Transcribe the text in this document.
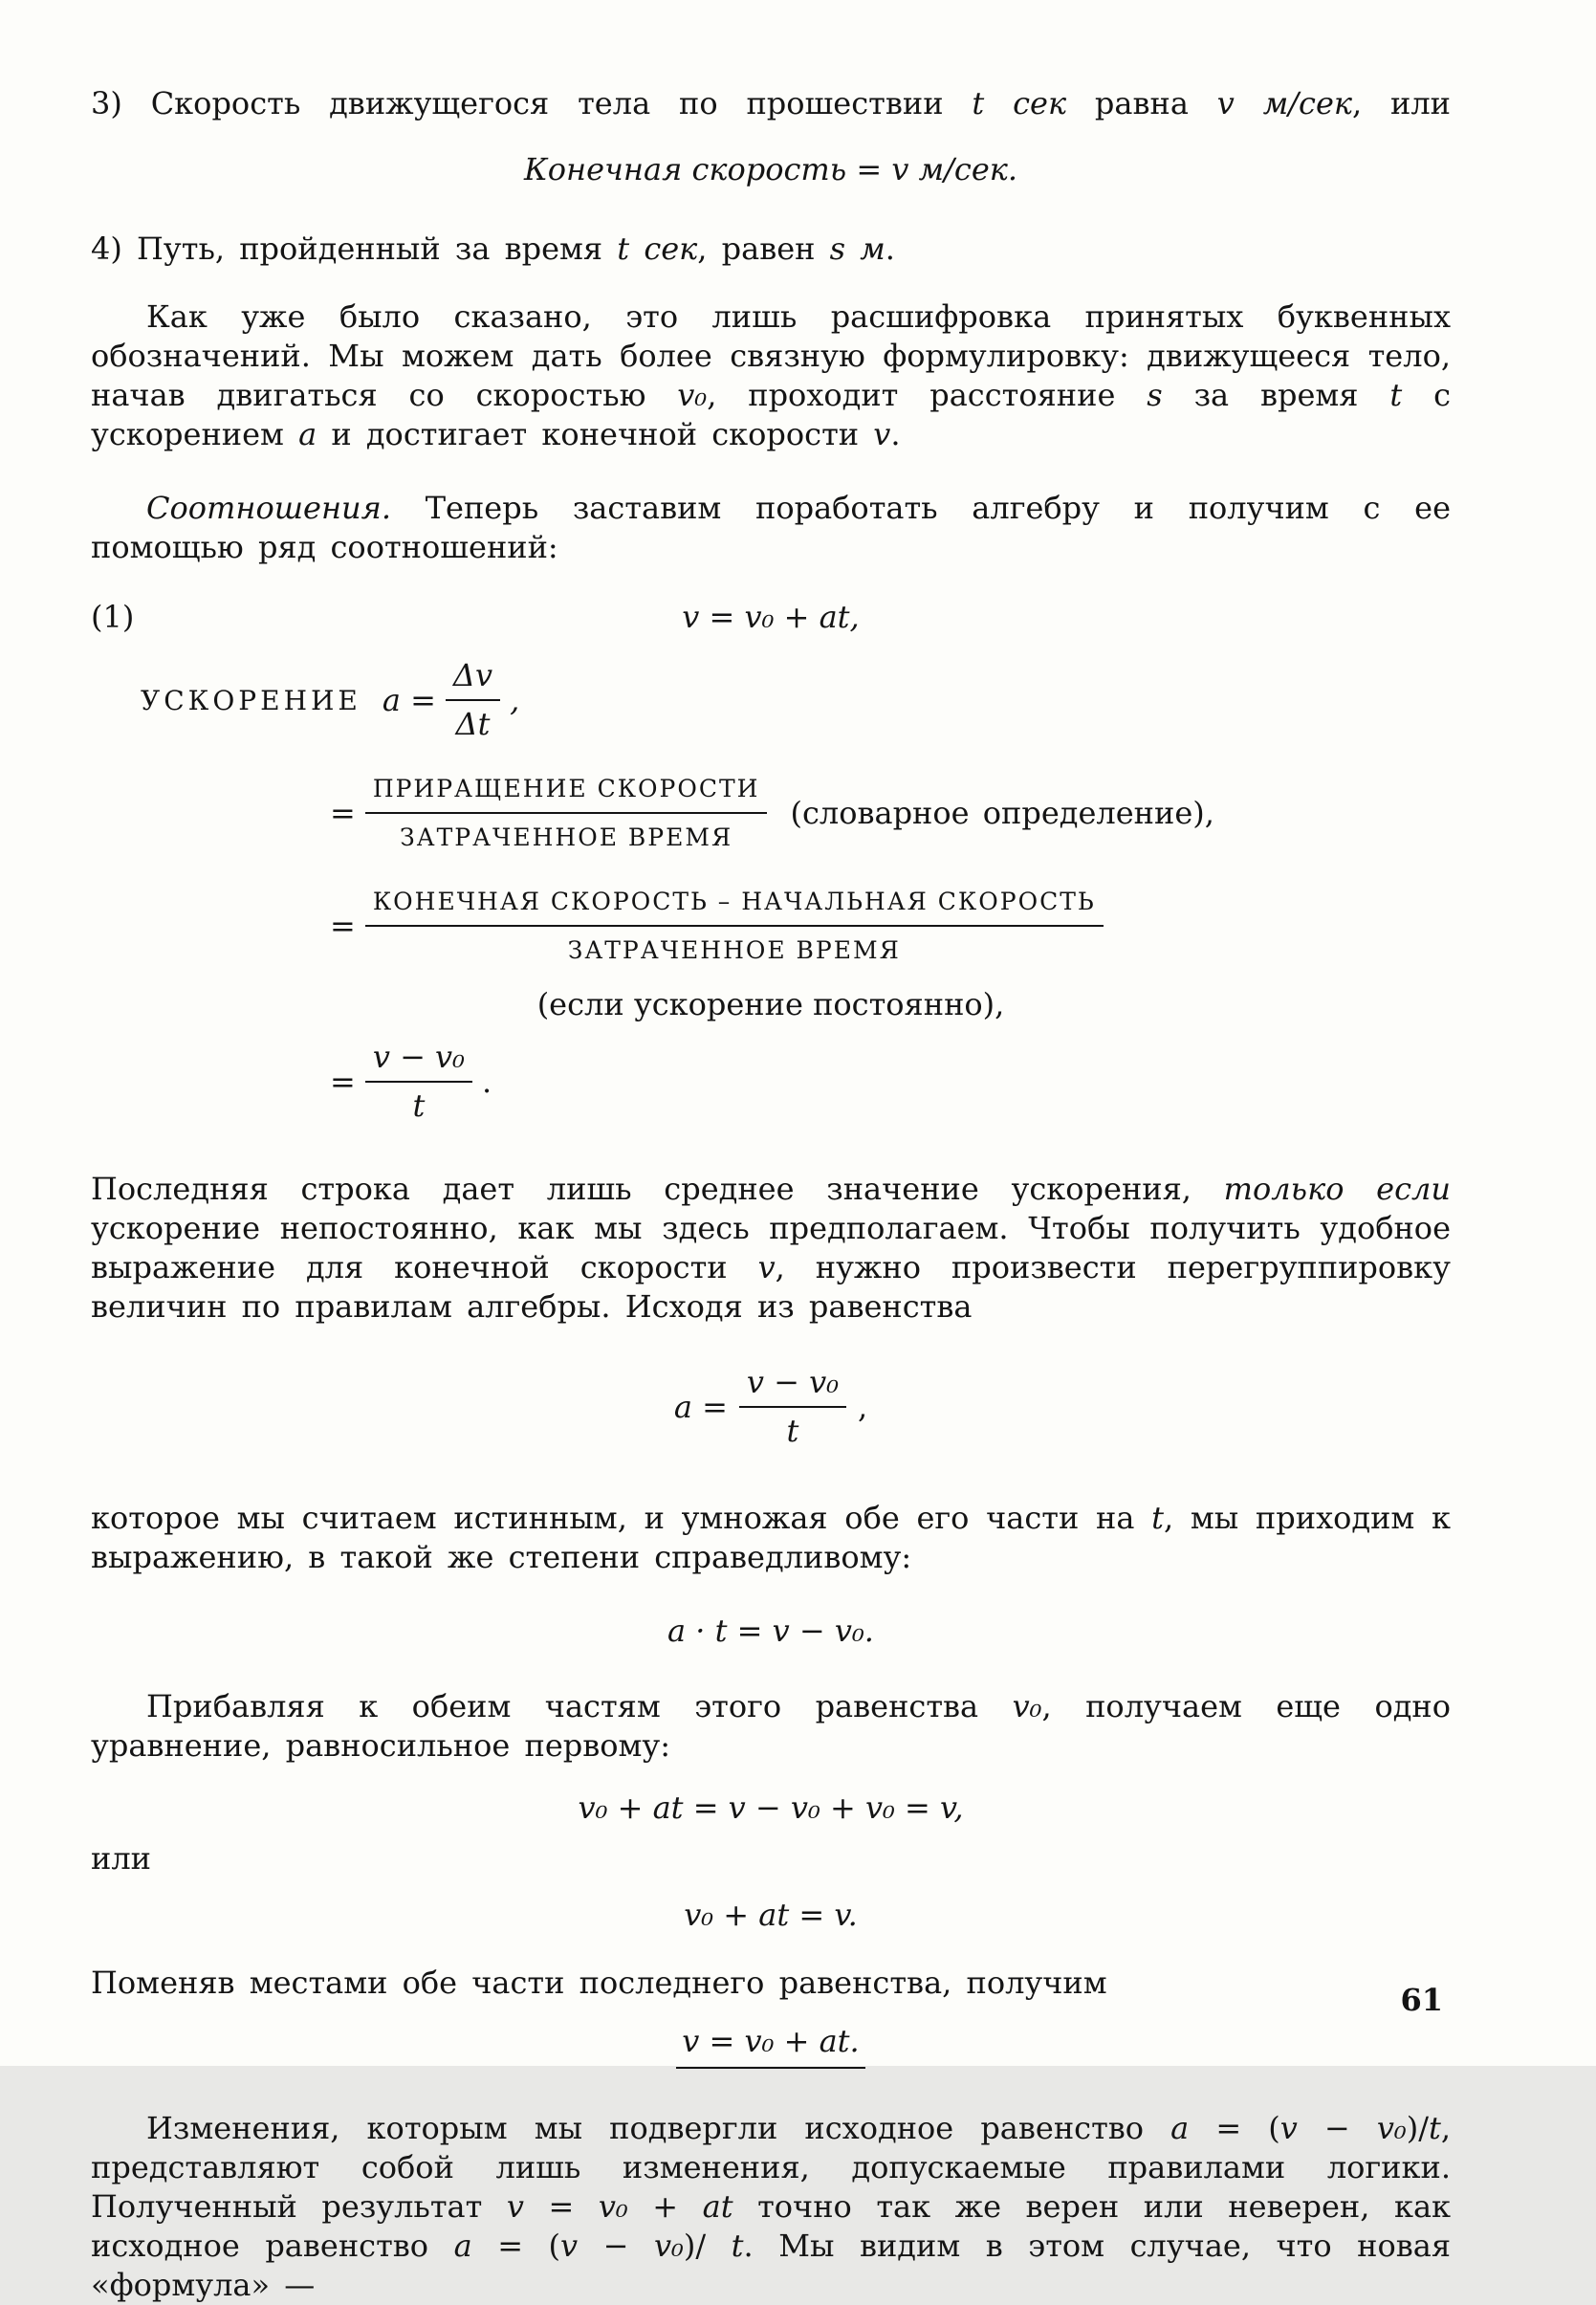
3) Скорость движущегося тела по прошествии t сек равна v м/сек, или

Конечная скорость = v м/сек.

4) Путь, пройденный за время t сек, равен s м.

Как уже было сказано, это лишь расшифровка принятых буквенных обозначений. Мы можем дать более связную формулировку: движущееся тело, начав двигаться со скоростью v₀, проходит расстояние s за время t с ускорением a и достигает конечной скорости v.

Соотношения. Теперь заставим поработать алгебру и получим с ее помощью ряд соотношений:

(1)	v = v₀ + at,
УСКОРЕНИЕ $a = \frac{\Delta v}{\Delta t}$ ,
= $\frac{\text{ПРИРАЩЕНИЕ СКОРОСТИ}}{\text{ЗАТРАЧЕННОЕ ВРЕМЯ}}$ (словарное определение),
= $\frac{\text{КОНЕЧНАЯ СКОРОСТЬ – НАЧАЛЬНАЯ СКОРОСТЬ}}{\text{ЗАТРАЧЕННОЕ ВРЕМЯ}}$

(если ускорение постоянно),

= $\frac{\text{v − v₀}}{t}$ .

Последняя строка дает лишь среднее значение ускорения, только если ускорение непостоянно, как мы здесь предполагаем. Чтобы получить удобное выражение для конечной скорости v, нужно произвести перегруппировку величин по правилам алгебры. Исходя из равенства

$a = \frac{\text{v − v₀}}{t}$ ,

которое мы считаем истинным, и умножая обе его части на t, мы приходим к выражению, в такой же степени справедливому:

a · t = v − v₀.

Прибавляя к обеим частям этого равенства v₀, получаем еще одно уравнение, равносильное первому:

v₀ + at = v − v₀ + v₀ = v,

или

v₀ + at = v.

Поменяв местами обе части последнего равенства, получим

v = v₀ + at.

Изменения, которым мы подвергли исходное равенство a = (v − v₀)/t, представляют собой лишь изменения, допускаемые правилами логики. Полученный результат v = v₀ + at точно так же верен или неверен, как исходное равенство a = (v − v₀)/ t. Мы видим в этом случае, что новая «формула» —

61
